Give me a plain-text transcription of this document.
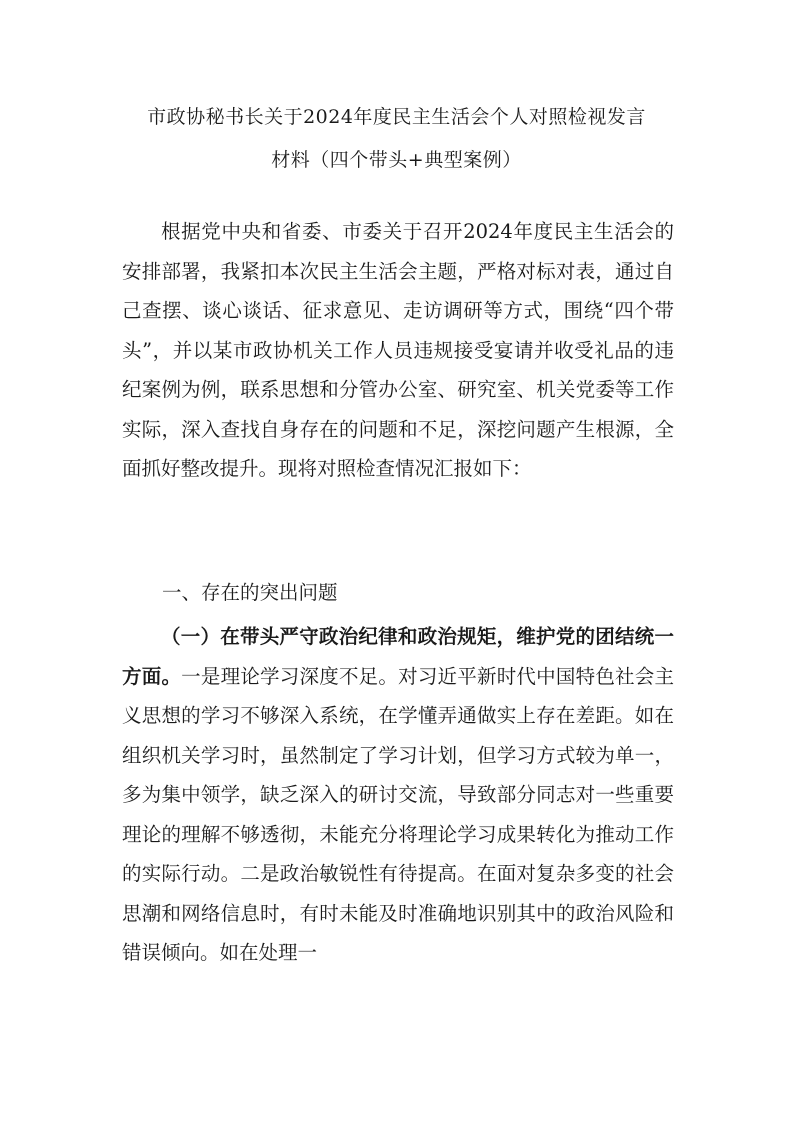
市政协秘书长关于2024年度民主生活会个人对照检视发言
材料（四个带头+典型案例）

根据党中央和省委、市委关于召开2024年度民主生活会的安排部署，我紧扣本次民主生活会主题，严格对标对表，通过自己查摆、谈心谈话、征求意见、走访调研等方式，围绕“四个带头”，并以某市政协机关工作人员违规接受宴请并收受礼品的违纪案例为例，联系思想和分管办公室、研究室、机关党委等工作实际，深入查找自身存在的问题和不足，深挖问题产生根源，全面抓好整改提升。现将对照检查情况汇报如下：

一、存在的突出问题

（一）在带头严守政治纪律和政治规矩，维护党的团结统一方面。一是理论学习深度不足。对习近平新时代中国特色社会主义思想的学习不够深入系统，在学懂弄通做实上存在差距。如在组织机关学习时，虽然制定了学习计划，但学习方式较为单一，多为集中领学，缺乏深入的研讨交流，导致部分同志对一些重要理论的理解不够透彻，未能充分将理论学习成果转化为推动工作的实际行动。二是政治敏锐性有待提高。在面对复杂多变的社会思潮和网络信息时，有时未能及时准确地识别其中的政治风险和错误倾向。如在处理一
